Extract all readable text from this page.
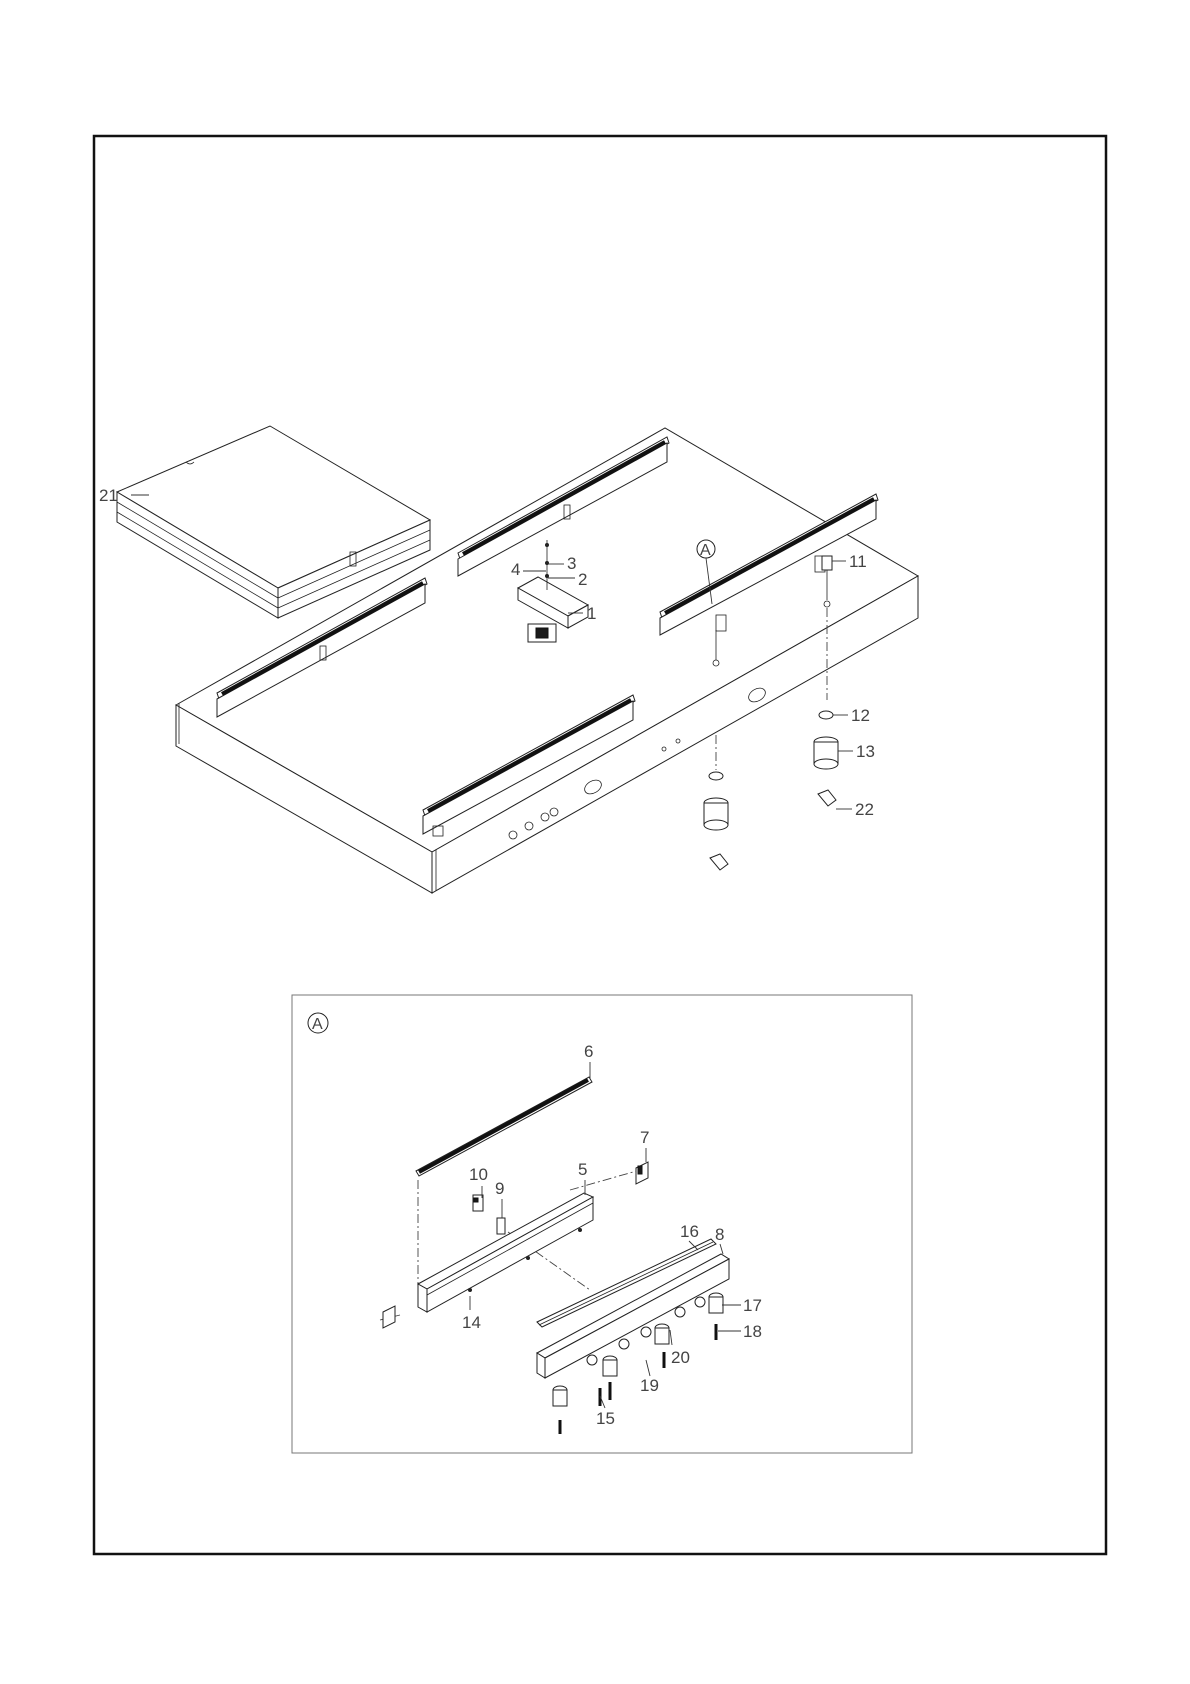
A
21
4	3
2
1
11
12
13
22
A
6
7
5
10
9
14
16 8
17
18
20
19
15
